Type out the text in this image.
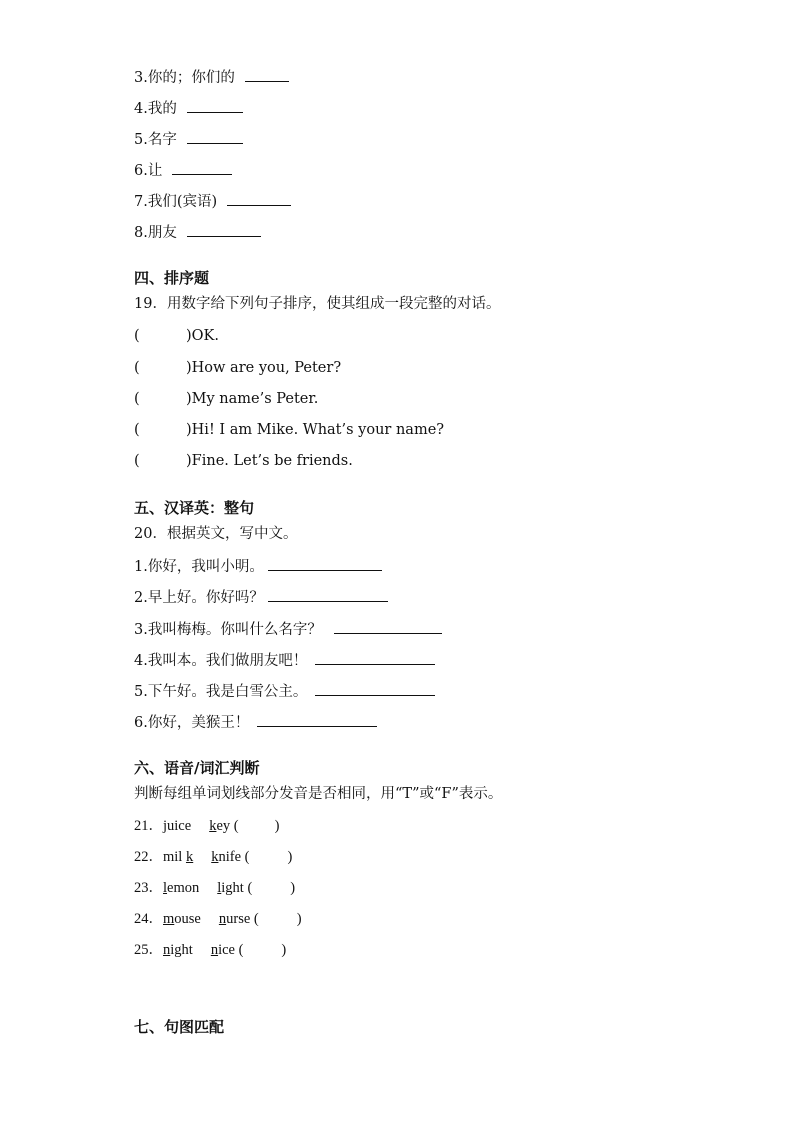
3.你的；你们的
4.我的
5.名字
6.让
7.我们(宾语)
8.朋友
四、排序题
19．用数字给下列句子排序，使其组成一段完整的对话。
(	)OK.
(	)How are you, Peter?
(	)My name’s Peter.
(	)Hi! I am Mike. What’s your name?
(	)Fine. Let’s be friends.
五、汉译英：整句
20．根据英文，写中文。
1.你好，我叫小明。
2.早上好。你好吗？
3.我叫梅梅。你叫什么名字？
4.我叫本。我们做朋友吧！
5.下午好。我是白雪公主。
6.你好，美猴王！
六、语音/词汇判断
判断每组单词划线部分发音是否相同，用“T”或“F”表示。
21．juice key ( )
22．mil k knife (	)
23．lemon light (	)
24．mouse nurse (	)
25．night nice (	)
七、句图匹配
